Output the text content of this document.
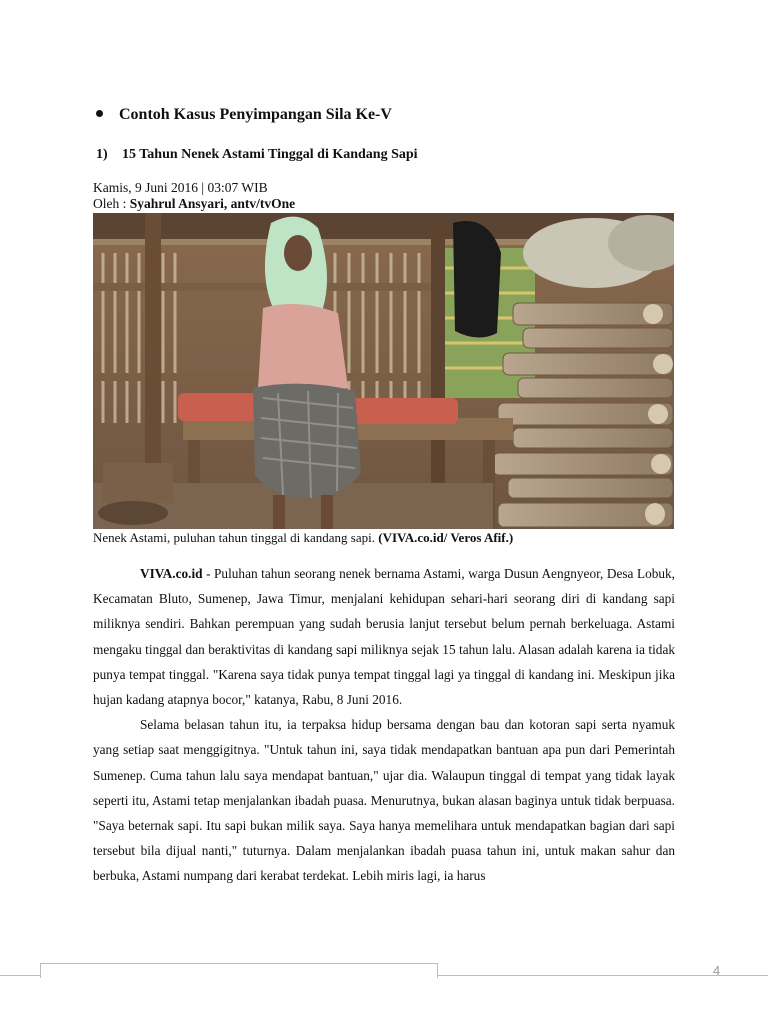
Contoh Kasus Penyimpangan Sila Ke-V
1) 15 Tahun Nenek Astami Tinggal di Kandang Sapi
Kamis, 9 Juni 2016 | 03:07 WIB
Oleh : Syahrul Ansyari, antv/tvOne
Nenek Astami, puluhan tahun tinggal di kandang sapi. (VIVA.co.id/ Veros Afif.)

VIVA.co.id - Puluhan tahun seorang nenek bernama Astami, warga Dusun Aengnyeor, Desa Lobuk, Kecamatan Bluto, Sumenep, Jawa Timur, menjalani kehidupan sehari-hari seorang diri di kandang sapi miliknya sendiri. Bahkan perempuan yang sudah berusia lanjut tersebut belum pernah berkeluaga. Astami mengaku tinggal dan beraktivitas di kandang sapi miliknya sejak 15 tahun lalu. Alasan adalah karena ia tidak punya tempat tinggal. "Karena saya tidak punya tempat tinggal lagi ya tinggal di kandang ini. Meskipun jika hujan kadang atapnya bocor," katanya, Rabu, 8 Juni 2016.

Selama belasan tahun itu, ia terpaksa hidup bersama dengan bau dan kotoran sapi serta nyamuk yang setiap saat menggigitnya. "Untuk tahun ini, saya tidak mendapatkan bantuan apa pun dari Pemerintah Sumenep. Cuma tahun lalu saya mendapat bantuan," ujar dia. Walaupun tinggal di tempat yang tidak layak seperti itu, Astami tetap menjalankan ibadah puasa. Menurutnya, bukan alasan baginya untuk tidak berpuasa. "Saya beternak sapi. Itu sapi bukan milik saya. Saya hanya memelihara untuk mendapatkan bagian dari sapi tersebut bila dijual nanti," tuturnya. Dalam menjalankan ibadah puasa tahun ini, untuk makan sahur dan berbuka, Astami numpang dari kerabat terdekat. Lebih miris lagi, ia harus

4
